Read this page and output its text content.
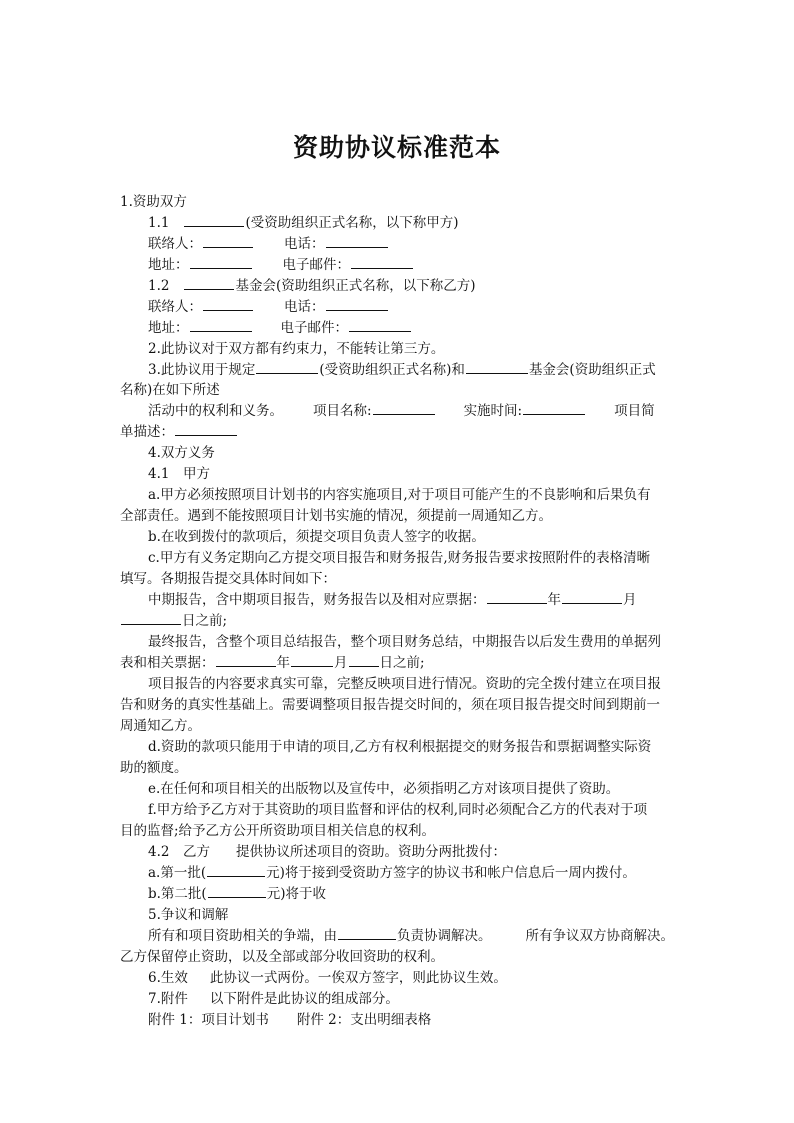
资助协议标准范本
1.资助双方
1.1	(受资助组织正式名称，以下称甲方)
联络人：	电话：
地址：	电子邮件：
1.2	基金会(资助组织正式名称，以下称乙方)
联络人：	电话：
地址：	电子邮件：
2.此协议对于双方都有约束力，不能转让第三方。
3.此协议用于规定	(受资助组织正式名称)和	基金会(资助组织正式
名称)在如下所述
活动中的权利和义务。 项目名称:	实施时间:	项目简
单描述：
4.双方义务
4.1　甲方
a.甲方必须按照项目计划书的内容实施项目,对于项目可能产生的不良影响和后果负有
全部责任。遇到不能按照项目计划书实施的情况，须提前一周通知乙方。
b.在收到拨付的款项后，须提交项目负责人签字的收据。
c.甲方有义务定期向乙方提交项目报告和财务报告,财务报告要求按照附件的表格清晰
填写。各期报告提交具体时间如下：
中期报告，含中期项目报告，财务报告以及相对应票据：	年	月
日之前;
最终报告，含整个项目总结报告，整个项目财务总结，中期报告以后发生费用的单据列
表和相关票据：	年	月 日之前;
项目报告的内容要求真实可靠，完整反映项目进行情况。资助的完全拨付建立在项目报
告和财务的真实性基础上。需要调整项目报告提交时间的，须在项目报告提交时间到期前一
周通知乙方。
d.资助的款项只能用于申请的项目,乙方有权利根据提交的财务报告和票据调整实际资
助的额度。
e.在任何和项目相关的出版物以及宣传中，必须指明乙方对该项目提供了资助。
f.甲方给予乙方对于其资助的项目监督和评估的权利,同时必须配合乙方的代表对于项
目的监督;给予乙方公开所资助项目相关信息的权利。
4.2　乙方 提供协议所述项目的资助。资助分两批拨付：
a.第一批(	元)将于接到受资助方签字的协议书和帐户信息后一周内拨付。
b.第二批(	元)将于收
5.争议和调解
所有和项目资助相关的争端，由	负责协调解决。	所有争议双方协商解决。
乙方保留停止资助，以及全部或部分收回资助的权利。
6.生效 此协议一式两份。一俟双方签字，则此协议生效。
7.附件 以下附件是此协议的组成部分。
附件 1：项目计划书 附件 2：支出明细表格
